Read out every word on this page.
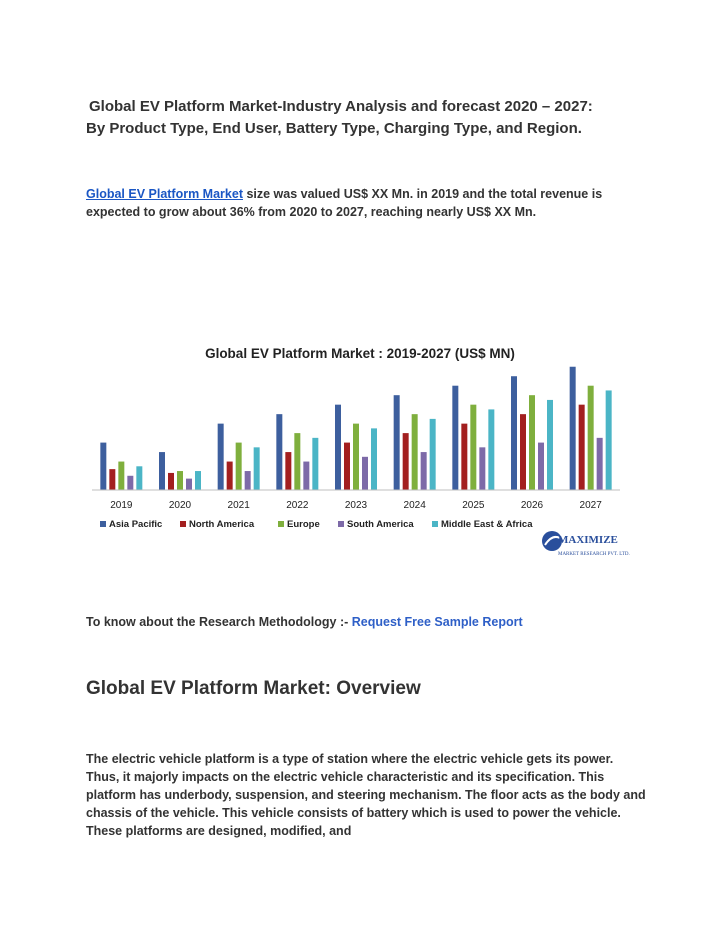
Global EV Platform Market-Industry Analysis and forecast 2020 – 2027:
By Product Type, End User, Battery Type, Charging Type, and Region.

Global EV Platform Market size was valued US$ XX Mn. in 2019 and the total revenue is expected to grow about 36% from 2020 to 2027, reaching nearly US$ XX Mn.

Global EV Platform Market : 2019-2027 (US$ MN)
2019	2020	2021	2022	2023	2024	2025	2026	2027
Asia Pacific	North America	Europe	South America	Middle East & Africa
MAXIMIZE
MARKET RESEARCH PVT. LTD.

To know about the Research Methodology :- Request Free Sample Report

Global EV Platform Market: Overview

The electric vehicle platform is a type of station where the electric vehicle gets its power. Thus, it majorly impacts on the electric vehicle characteristic and its specification. This platform has underbody, suspension, and steering mechanism. The floor acts as the body and chassis of the vehicle. This vehicle consists of battery which is used to power the vehicle. These platforms are designed, modified, and
